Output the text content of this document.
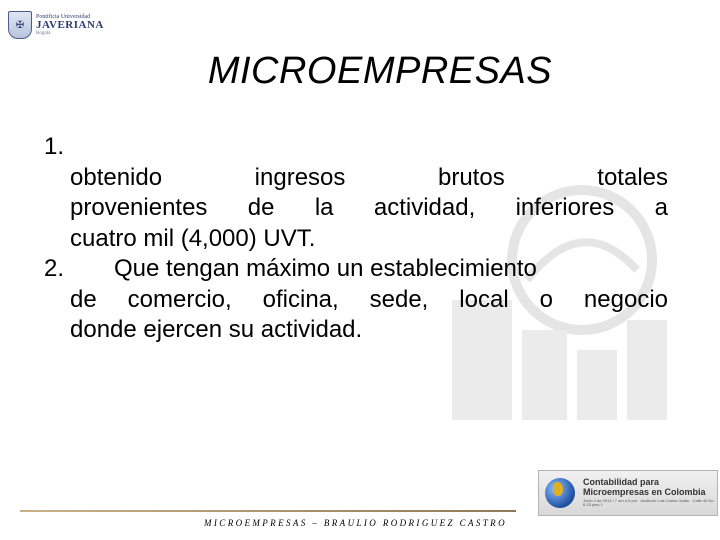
✠
Pontificia Universidad
JAVERIANA
Bogotá
MICROEMPRESAS
1.
obtenido ingresos brutos totales
provenientes de la actividad, inferiores a
cuatro mil (4,000) UVT.
2. Que tengan máximo un establecimiento
de comercio, oficina, sede, local o negocio
donde ejercen su actividad.
Contabilidad para
Microempresas en Colombia
Junio 4 de 2013 / 7 am a 6 pm · Auditorio Luis Carlos Galán · Calle 40 No. 6-23 piso 1
MICROEMPRESAS – BRAULIO RODRIGUEZ CASTRO
